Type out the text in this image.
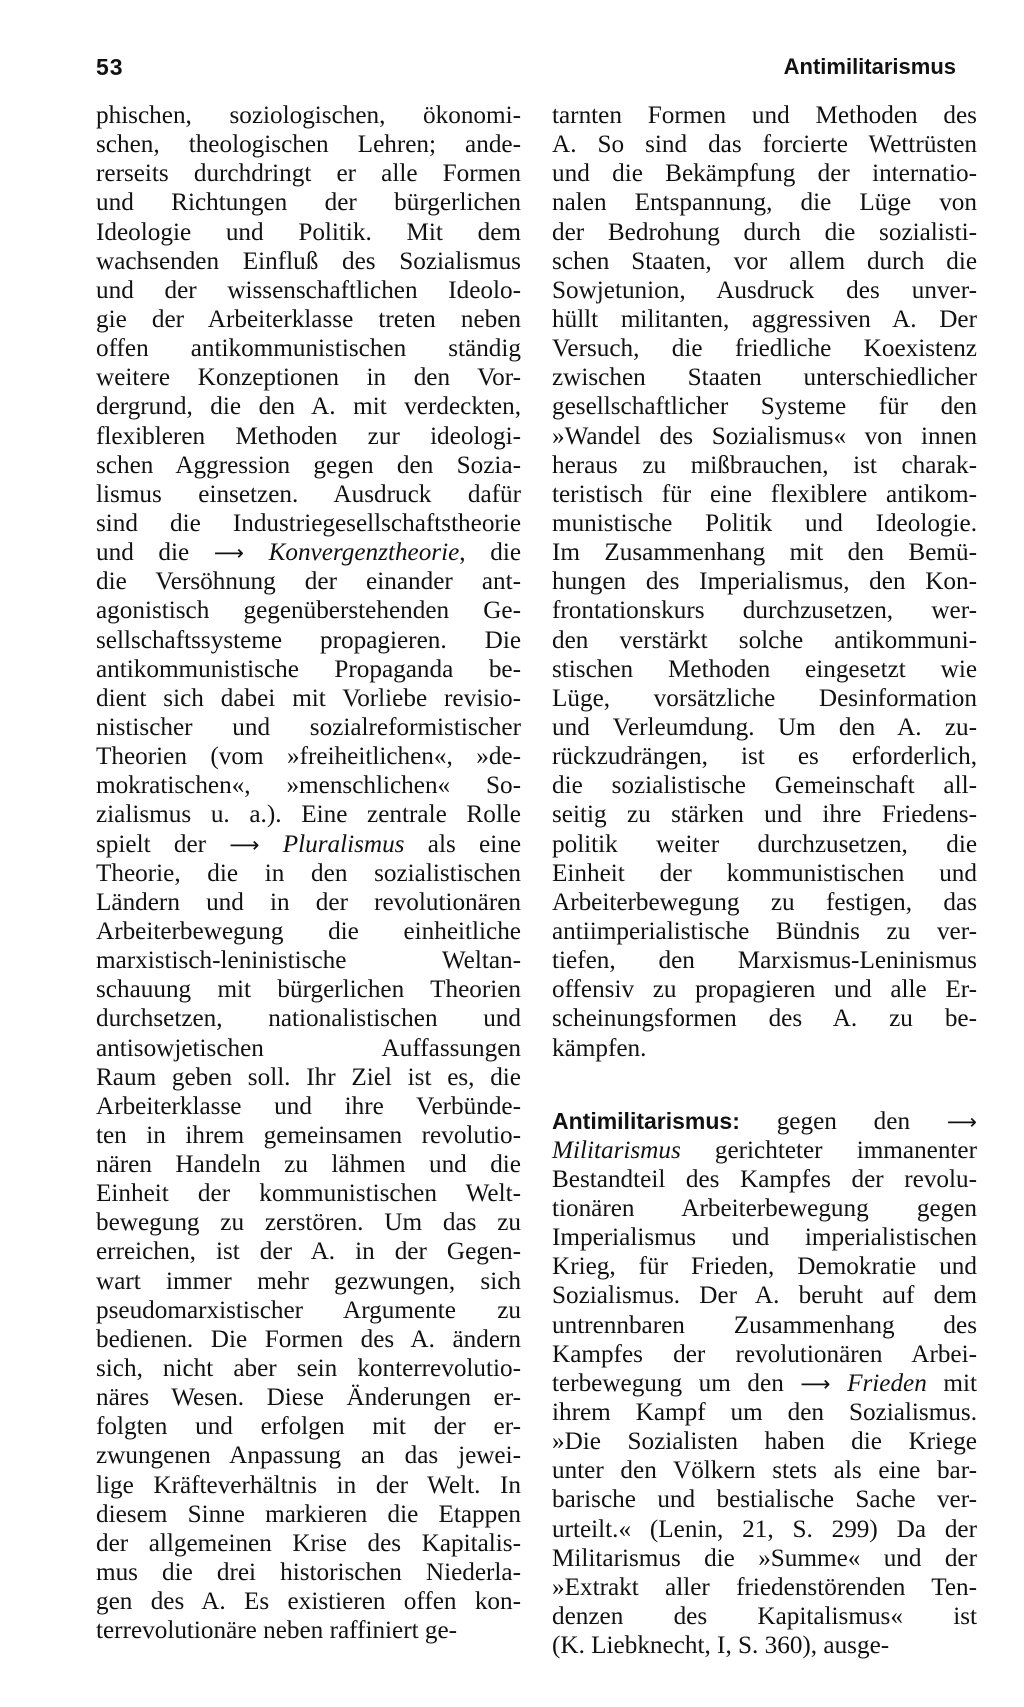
53	Antimilitarismus
phischen, soziologischen, ökonomi-
schen, theologischen Lehren; ande-
rerseits durchdringt er alle Formen
und Richtungen der bürgerlichen
Ideologie und Politik. Mit dem
wachsenden Einfluß des Sozialismus
und der wissenschaftlichen Ideolo-
gie der Arbeiterklasse treten neben
offen antikommunistischen ständig
weitere Konzeptionen in den Vor-
dergrund, die den A. mit verdeckten,
flexibleren Methoden zur ideologi-
schen Aggression gegen den Sozia-
lismus einsetzen. Ausdruck dafür
sind die Industriegesellschaftstheorie
und die ⟶ Konvergenztheorie, die
die Versöhnung der einander ant-
agonistisch gegenüberstehenden Ge-
sellschaftssysteme propagieren. Die
antikommunistische Propaganda be-
dient sich dabei mit Vorliebe revisio-
nistischer und sozialreformistischer
Theorien (vom »freiheitlichen«, »de-
mokratischen«, »menschlichen« So-
zialismus u. a.). Eine zentrale Rolle
spielt der ⟶ Pluralismus als eine
Theorie, die in den sozialistischen
Ländern und in der revolutionären
Arbeiterbewegung die einheitliche
marxistisch-leninistische Weltan-
schauung mit bürgerlichen Theorien
durchsetzen, nationalistischen und
antisowjetischen Auffassungen
Raum geben soll. Ihr Ziel ist es, die
Arbeiterklasse und ihre Verbünde-
ten in ihrem gemeinsamen revolutio-
nären Handeln zu lähmen und die
Einheit der kommunistischen Welt-
bewegung zu zerstören. Um das zu
erreichen, ist der A. in der Gegen-
wart immer mehr gezwungen, sich
pseudomarxistischer Argumente zu
bedienen. Die Formen des A. ändern
sich, nicht aber sein konterrevolutio-
näres Wesen. Diese Änderungen er-
folgten und erfolgen mit der er-
zwungenen Anpassung an das jewei-
lige Kräfteverhältnis in der Welt. In
diesem Sinne markieren die Etappen
der allgemeinen Krise des Kapitalis-
mus die drei historischen Niederla-
gen des A. Es existieren offen kon-
terrevolutionäre neben raffiniert ge-
tarnten Formen und Methoden des
A. So sind das forcierte Wettrüsten
und die Bekämpfung der internatio-
nalen Entspannung, die Lüge von
der Bedrohung durch die sozialisti-
schen Staaten, vor allem durch die
Sowjetunion, Ausdruck des unver-
hüllt militanten, aggressiven A. Der
Versuch, die friedliche Koexistenz
zwischen Staaten unterschiedlicher
gesellschaftlicher Systeme für den
»Wandel des Sozialismus« von innen
heraus zu mißbrauchen, ist charak-
teristisch für eine flexiblere antikom-
munistische Politik und Ideologie.
Im Zusammenhang mit den Bemü-
hungen des Imperialismus, den Kon-
frontationskurs durchzusetzen, wer-
den verstärkt solche antikommuni-
stischen Methoden eingesetzt wie
Lüge, vorsätzliche Desinformation
und Verleumdung. Um den A. zu-
rückzudrängen, ist es erforderlich,
die sozialistische Gemeinschaft all-
seitig zu stärken und ihre Friedens-
politik weiter durchzusetzen, die
Einheit der kommunistischen und
Arbeiterbewegung zu festigen, das
antiimperialistische Bündnis zu ver-
tiefen, den Marxismus-Leninismus
offensiv zu propagieren und alle Er-
scheinungsformen des A. zu be-
kämpfen.
Antimilitarismus: gegen den ⟶
Militarismus gerichteter immanenter
Bestandteil des Kampfes der revolu-
tionären Arbeiterbewegung gegen
Imperialismus und imperialistischen
Krieg, für Frieden, Demokratie und
Sozialismus. Der A. beruht auf dem
untrennbaren Zusammenhang des
Kampfes der revolutionären Arbei-
terbewegung um den ⟶ Frieden mit
ihrem Kampf um den Sozialismus.
»Die Sozialisten haben die Kriege
unter den Völkern stets als eine bar-
barische und bestialische Sache ver-
urteilt.« (Lenin, 21, S. 299) Da der
Militarismus die »Summe« und der
»Extrakt aller friedenstörenden Ten-
denzen des Kapitalismus« ist
(K. Liebknecht, I, S. 360), ausge-
